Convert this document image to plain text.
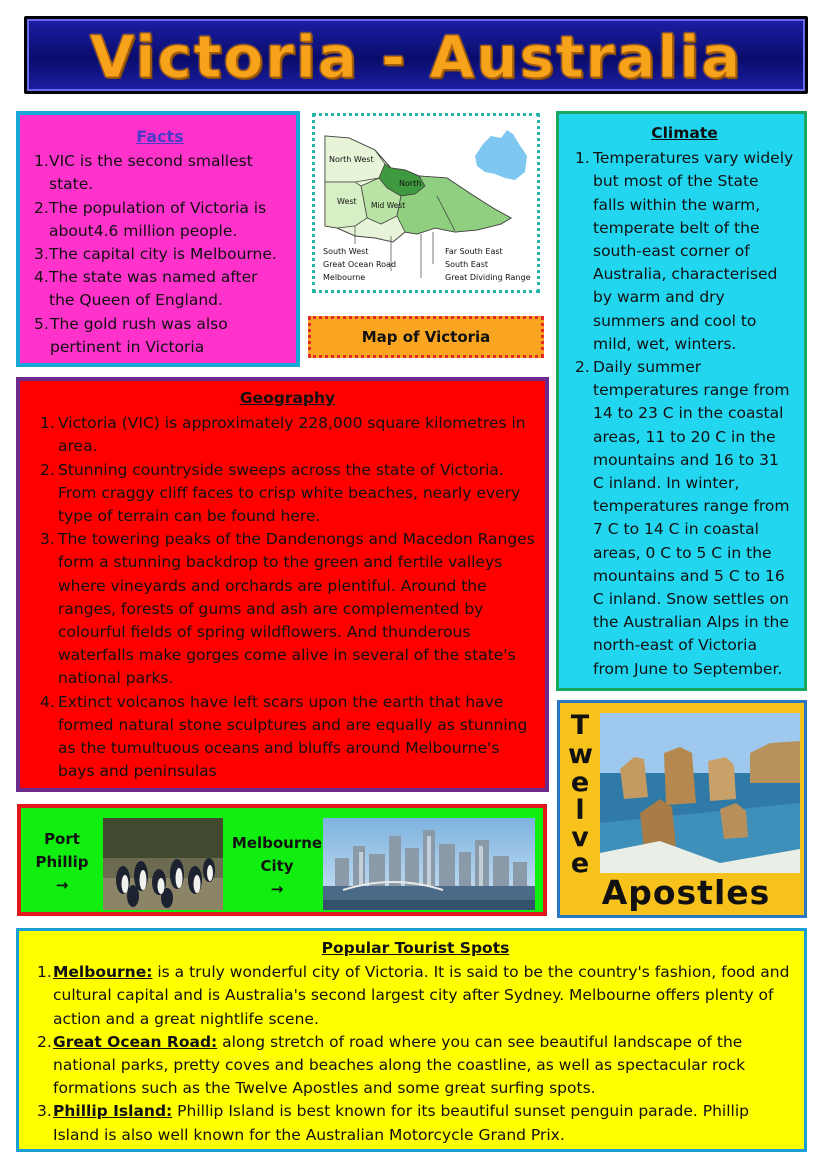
Victoria - Australia
Facts
1. VIC is the second smallest state.
2. The population of Victoria is about4.6 million people.
3. The capital city is Melbourne.
4. The state was named after the Queen of England.
5. The gold rush was also pertinent in Victoria
North West
North
West Mid West
South West
Great Ocean Road
Melbourne
Far South East
South East
Great Dividing Range
Map of Victoria
Climate
1. Temperatures vary widely but most of the State falls within the warm, temperate belt of the south-east corner of Australia, characterised by warm and dry summers and cool to mild, wet, winters.
2. Daily summer temperatures range from 14 to 23 C in the coastal areas, 11 to 20 C in the mountains and 16 to 31 C inland. In winter, temperatures range from 7 C to 14 C in coastal areas, 0 C to 5 C in the mountains and 5 C to 16 C inland. Snow settles on the Australian Alps in the north-east of Victoria from June to September.
Geography
1. Victoria (VIC) is approximately 228,000 square kilometres in area.
2. Stunning countryside sweeps across the state of Victoria. From craggy cliff faces to crisp white beaches, nearly every type of terrain can be found here.
3. The towering peaks of the Dandenongs and Macedon Ranges form a stunning backdrop to the green and fertile valleys where vineyards and orchards are plentiful. Around the ranges, forests of gums and ash are complemented by colourful fields of spring wildflowers. And thunderous waterfalls make gorges come alive in several of the state's national parks.
4. Extinct volcanos have left scars upon the earth that have formed natural stone sculptures and are equally as stunning as the tumultuous oceans and bluffs around Melbourne's bays and peninsulas
Port
Phillip
→
Melbourne
City
→
T
w
e
l
v
e
Apostles
Popular Tourist Spots
1. Melbourne: is a truly wonderful city of Victoria. It is said to be the country's fashion, food and cultural capital and is Australia's second largest city after Sydney. Melbourne offers plenty of action and a great nightlife scene.
2. Great Ocean Road: along stretch of road where you can see beautiful landscape of the national parks, pretty coves and beaches along the coastline, as well as spectacular rock formations such as the Twelve Apostles and some great surfing spots.
3. Phillip Island: Phillip Island is best known for its beautiful sunset penguin parade. Phillip Island is also well known for the Australian Motorcycle Grand Prix.
